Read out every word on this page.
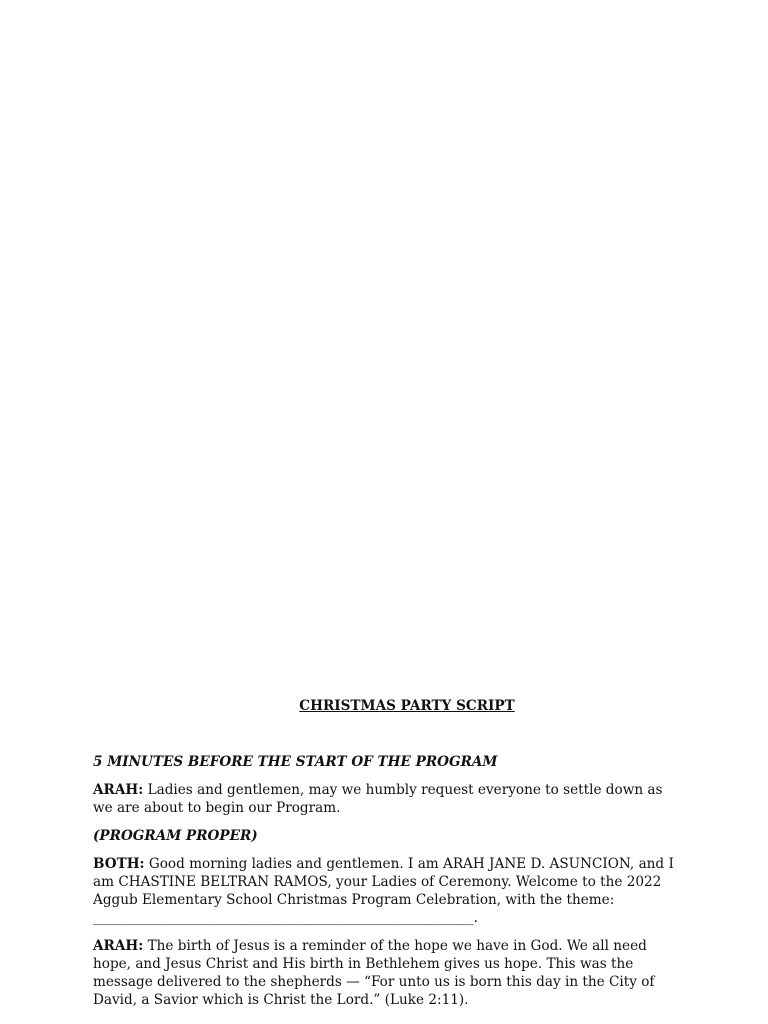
CHRISTMAS PARTY SCRIPT
5 MINUTES BEFORE THE START OF THE PROGRAM

ARAH: Ladies and gentlemen, may we humbly request everyone to settle down as we are about to begin our Program.

(PROGRAM PROPER)

BOTH: Good morning ladies and gentlemen. I am ARAH JANE D. ASUNCION, and I am CHASTINE BELTRAN RAMOS, your Ladies of Ceremony. Welcome to the 2022 Aggub Elementary School Christmas Program Celebration, with the theme:
________________________________________________________.

ARAH: The birth of Jesus is a reminder of the hope we have in God. We all need hope, and Jesus Christ and His birth in Bethlehem gives us hope. This was the message delivered to the shepherds — “For unto us is born this day in the City of David, a Savior which is Christ the Lord.” (Luke 2:11).
